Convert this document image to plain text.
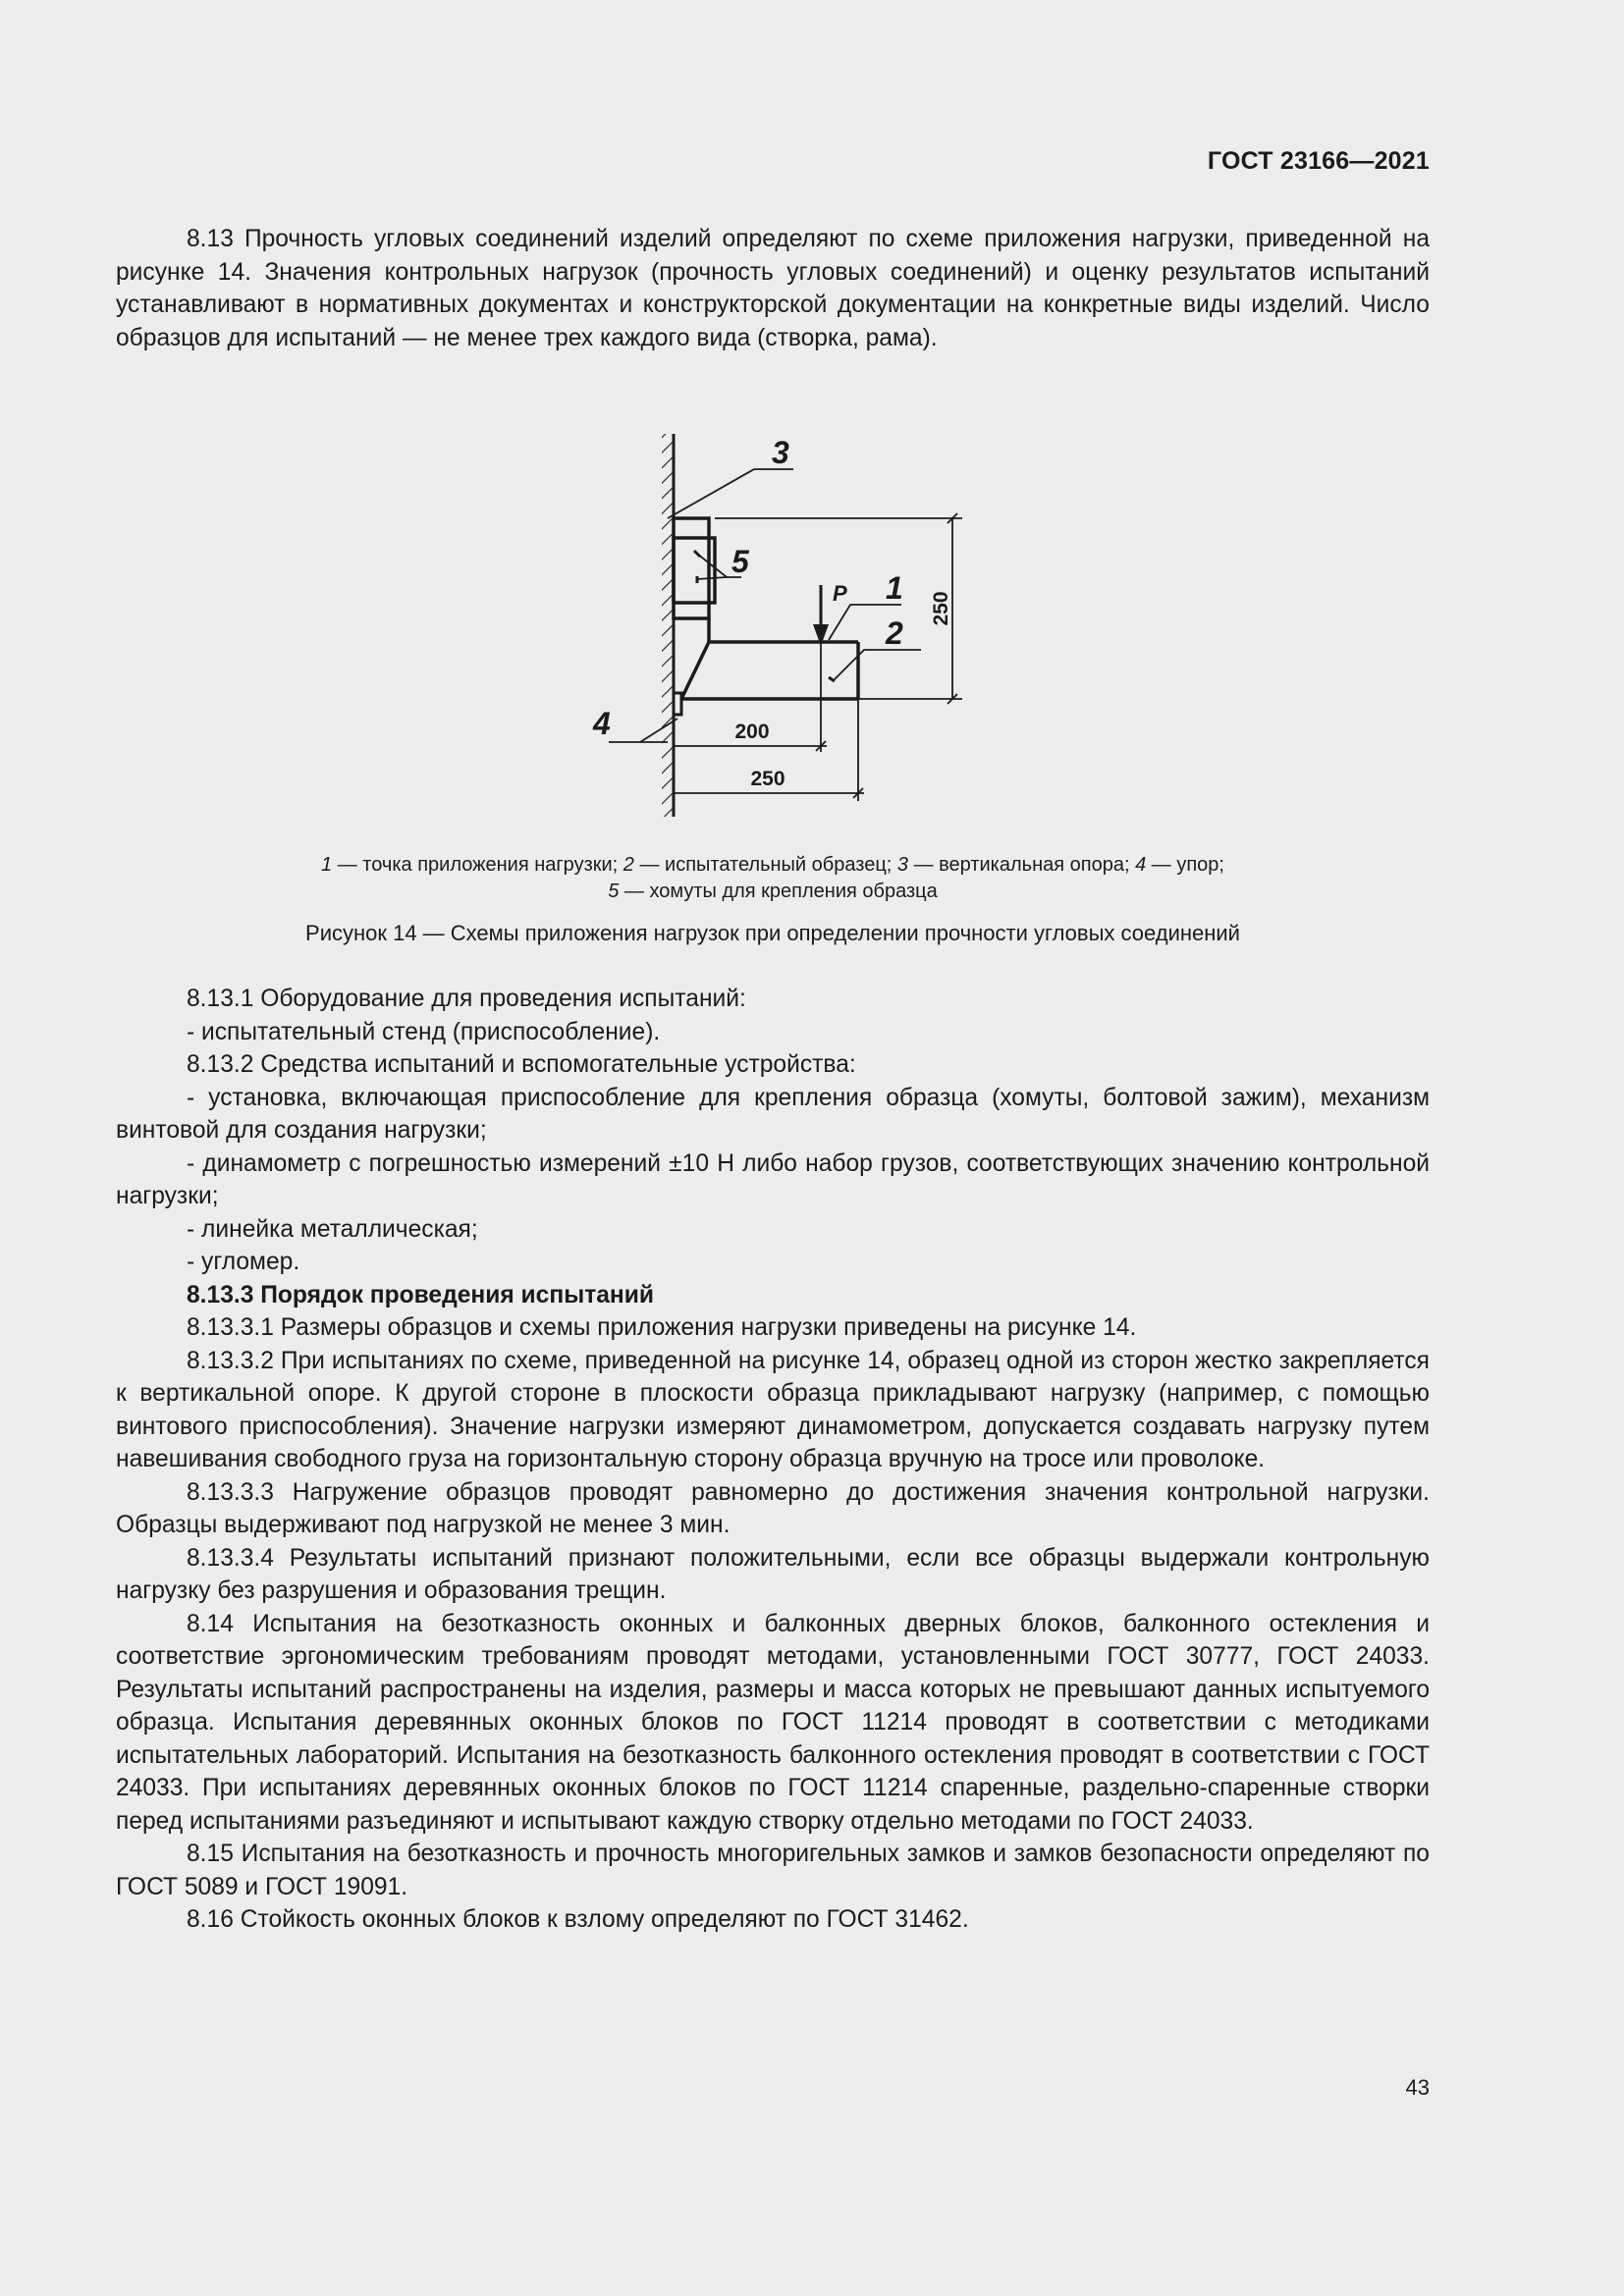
ГОСТ 23166—2021

8.13 Прочность угловых соединений изделий определяют по схеме приложения нагрузки, приведенной на рисунке 14. Значения контрольных нагрузок (прочность угловых соединений) и оценку результатов испытаний устанавливают в нормативных документах и конструкторской документации на конкретные виды изделий. Число образцов для испытаний — не менее трех каждого вида (створка, рама).

3
5
P 1
2
4
250
200
250
1 — точка приложения нагрузки; 2 — испытательный образец; 3 — вертикальная опора; 4 — упор;
5 — хомуты для крепления образца
Рисунок 14 — Схемы приложения нагрузок при определении прочности угловых соединений

8.13.1 Оборудование для проведения испытаний:

- испытательный стенд (приспособление).

8.13.2 Средства испытаний и вспомогательные устройства:

- установка, включающая приспособление для крепления образца (хомуты, болтовой зажим), механизм винтовой для создания нагрузки;

- динамометр с погрешностью измерений ±10 Н либо набор грузов, соответствующих значению контрольной нагрузки;

- линейка металлическая;

- угломер.

8.13.3 Порядок проведения испытаний

8.13.3.1 Размеры образцов и схемы приложения нагрузки приведены на рисунке 14.

8.13.3.2 При испытаниях по схеме, приведенной на рисунке 14, образец одной из сторон жестко закрепляется к вертикальной опоре. К другой стороне в плоскости образца прикладывают нагрузку (например, с помощью винтового приспособления). Значение нагрузки измеряют динамометром, допускается создавать нагрузку путем навешивания свободного груза на горизонтальную сторону образца вручную на тросе или проволоке.

8.13.3.3 Нагружение образцов проводят равномерно до достижения значения контрольной нагрузки. Образцы выдерживают под нагрузкой не менее 3 мин.

8.13.3.4 Результаты испытаний признают положительными, если все образцы выдержали контрольную нагрузку без разрушения и образования трещин.

8.14 Испытания на безотказность оконных и балконных дверных блоков, балконного остекления и соответствие эргономическим требованиям проводят методами, установленными ГОСТ 30777, ГОСТ 24033. Результаты испытаний распространены на изделия, размеры и масса которых не превышают данных испытуемого образца. Испытания деревянных оконных блоков по ГОСТ 11214 проводят в соответствии с методиками испытательных лабораторий. Испытания на безотказность балконного остекления проводят в соответствии с ГОСТ 24033. При испытаниях деревянных оконных блоков по ГОСТ 11214 спаренные, раздельно-спаренные створки перед испытаниями разъединяют и испытывают каждую створку отдельно методами по ГОСТ 24033.

8.15 Испытания на безотказность и прочность многоригельных замков и замков безопасности определяют по ГОСТ 5089 и ГОСТ 19091.

8.16 Стойкость оконных блоков к взлому определяют по ГОСТ 31462.

43
